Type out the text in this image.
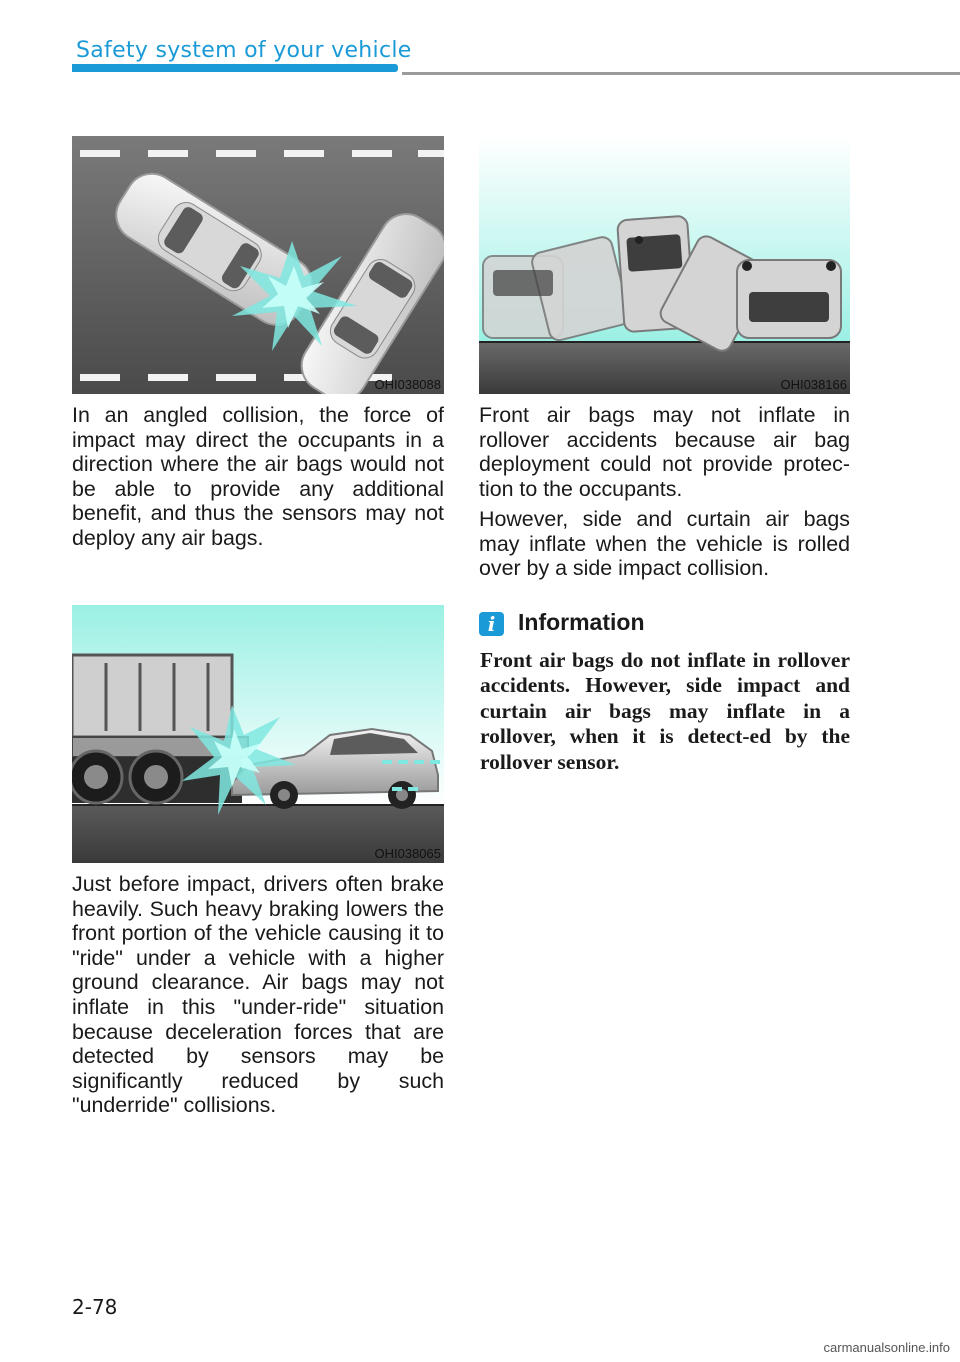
Safety system of your vehicle
OHI038088	OHI038166

In an angled collision, the force of impact may direct the occupants in a direction where the air bags would not be able to provide any additional benefit, and thus the sensors may not deploy any air bags.

Front air bags may not inflate in rollover accidents because air bag deployment could not provide protec-tion to the occupants.

However, side and curtain air bags may inflate when the vehicle is rolled over by a side impact collision.

i Information

Front air bags do not inflate in rollover accidents. However, side impact and curtain air bags may inflate in a rollover, when it is detect-ed by the rollover sensor.

OHI038065

Just before impact, drivers often brake heavily. Such heavy braking lowers the front portion of the vehicle causing it to "ride" under a vehicle with a higher ground clearance. Air bags may not inflate in this "under-ride" situation because deceleration forces that are detected by sensors may be significantly reduced by such "underride" collisions.

2-78
carmanualsonline.info
